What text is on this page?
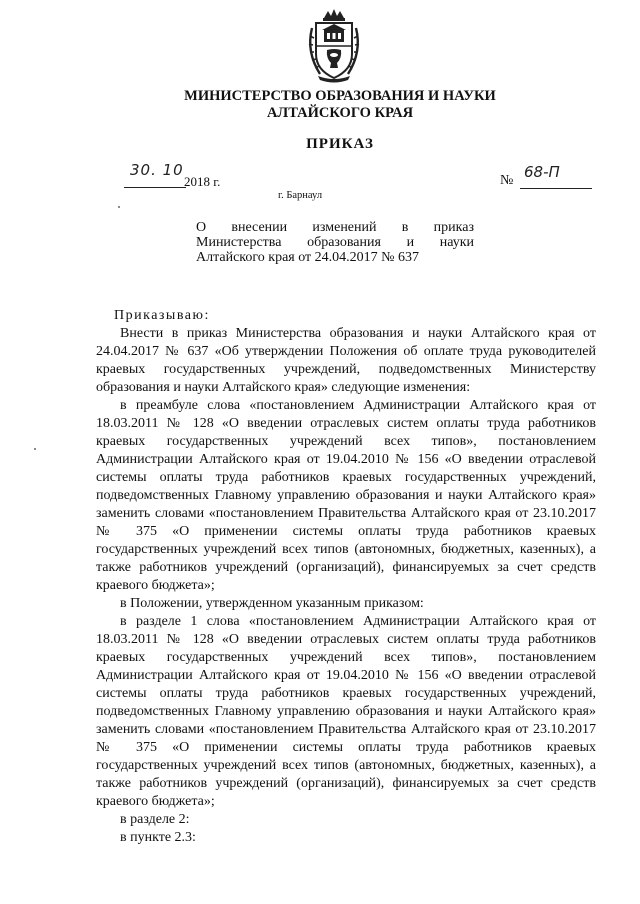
МИНИСТЕРСТВО ОБРАЗОВАНИЯ И НАУКИ
АЛТАЙСКОГО КРАЯ
ПРИКАЗ
30. 10
2018 г.	№ 68-П
г. Барнаул
О внесении изменений в приказ Министерства образования и науки Алтайского края от 24.04.2017 № 637

Приказываю:

Внести в приказ Министерства образования и науки Алтайского края от 24.04.2017 № 637 «Об утверждении Положения об оплате труда руководителей краевых государственных учреждений, подведомственных Министерству образования и науки Алтайского края» следующие изменения:

в преамбуле слова «постановлением Администрации Алтайского края от 18.03.2011 № 128 «О введении отраслевых систем оплаты труда работников краевых государственных учреждений всех типов», постановлением Администрации Алтайского края от 19.04.2010 № 156 «О введении отраслевой системы оплаты труда работников краевых государственных учреждений, подведомственных Главному управлению образования и науки Алтайского края» заменить словами «постановлением Правительства Алтайского края от 23.10.2017 № 375 «О применении системы оплаты труда работников краевых государственных учреждений всех типов (автономных, бюджетных, казенных), а также работников учреждений (организаций), финансируемых за счет средств краевого бюджета»;

в Положении, утвержденном указанным приказом:

в разделе 1 слова «постановлением Администрации Алтайского края от 18.03.2011 № 128 «О введении отраслевых систем оплаты труда работников краевых государственных учреждений всех типов», постановлением Администрации Алтайского края от 19.04.2010 № 156 «О введении отраслевой системы оплаты труда работников краевых государственных учреждений, подведомственных Главному управлению образования и науки Алтайского края» заменить словами «постановлением Правительства Алтайского края от 23.10.2017 № 375 «О применении системы оплаты труда работников краевых государственных учреждений всех типов (автономных, бюджетных, казенных), а также работников учреждений (организаций), финансируемых за счет средств краевого бюджета»;

в разделе 2:

в пункте 2.3:
